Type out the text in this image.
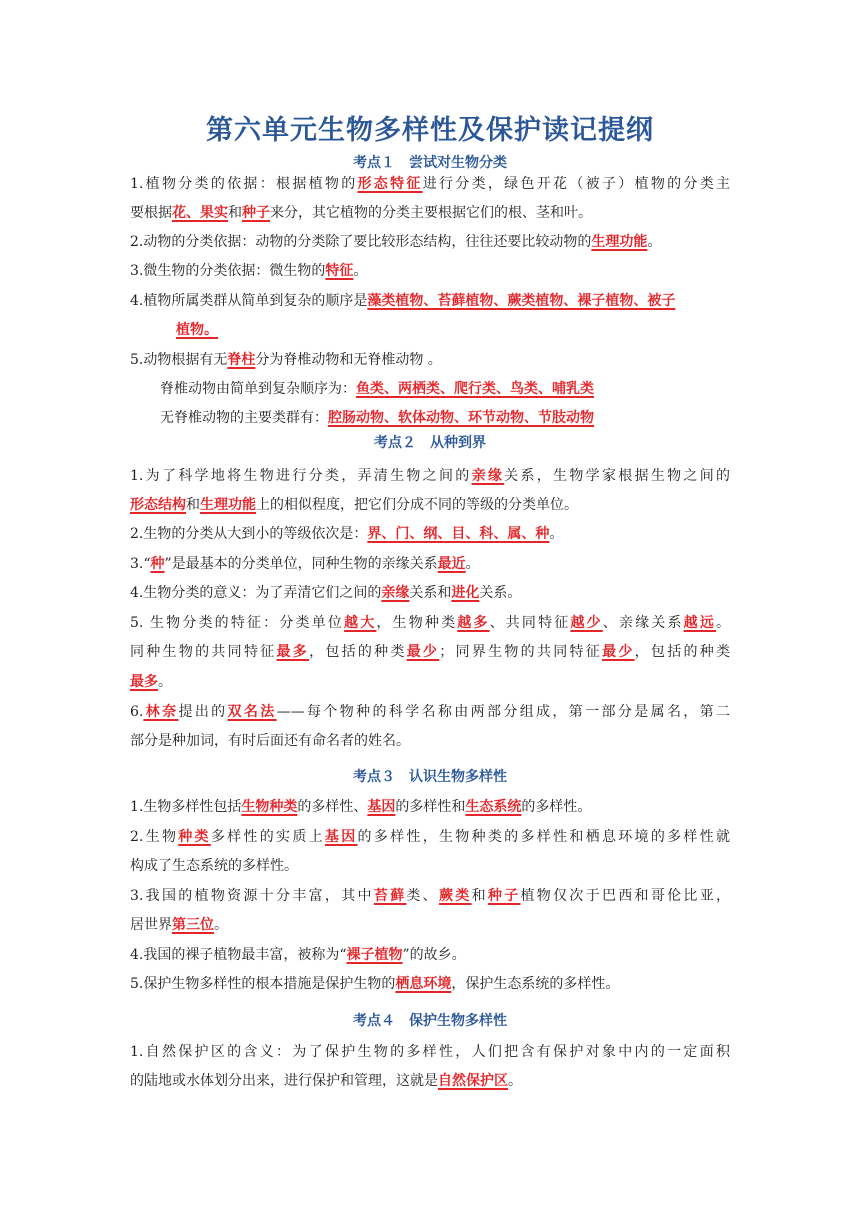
第六单元生物多样性及保护读记提纲
考点１　尝试对生物分类
考点２　从种到界
考点３　认识生物多样性
考点４　保护生物多样性
1.植物分类的依据：根据植物的形态特征进行分类，绿色开花（被子）植物的分类主
要根据花、果实和种子来分，其它植物的分类主要根据它们的根、茎和叶。
2.动物的分类依据：动物的分类除了要比较形态结构，往往还要比较动物的生理功能。
3.微生物的分类依据：微生物的特征。
4.植物所属类群从简单到复杂的顺序是藻类植物、苔藓植物、蕨类植物、裸子植物、被子
植物。
5.动物根据有无脊柱分为脊椎动物和无脊椎动物 。
脊椎动物由简单到复杂顺序为：鱼类、两栖类、爬行类、鸟类、哺乳类
无脊椎动物的主要类群有：腔肠动物、软体动物、环节动物、节肢动物
1.为了科学地将生物进行分类，弄清生物之间的亲缘关系，生物学家根据生物之间的
形态结构和生理功能上的相似程度，把它们分成不同的等级的分类单位。
2.生物的分类从大到小的等级依次是：界、门、纲、目、科、属、种。
3.“种”是最基本的分类单位，同种生物的亲缘关系最近。
4.生物分类的意义：为了弄清它们之间的亲缘关系和进化关系。
5. 生物分类的特征：分类单位越大，生物种类越多、共同特征越少、亲缘关系越远。
同种生物的共同特征最多，包括的种类最少；同界生物的共同特征最少，包括的种类
最多。
6.林奈提出的双名法——每个物种的科学名称由两部分组成，第一部分是属名，第二
部分是种加词，有时后面还有命名者的姓名。
1.生物多样性包括生物种类的多样性、基因的多样性和生态系统的多样性。
2.生物种类多样性的实质上基因的多样性，生物种类的多样性和栖息环境的多样性就
构成了生态系统的多样性。
3.我国的植物资源十分丰富，其中苔藓类、蕨类和种子植物仅次于巴西和哥伦比亚，
居世界第三位。
4.我国的裸子植物最丰富，被称为“裸子植物”的故乡。
5.保护生物多样性的根本措施是保护生物的栖息环境，保护生态系统的多样性。
1.自然保护区的含义：为了保护生物的多样性，人们把含有保护对象中内的一定面积
的陆地或水体划分出来，进行保护和管理，这就是自然保护区。
